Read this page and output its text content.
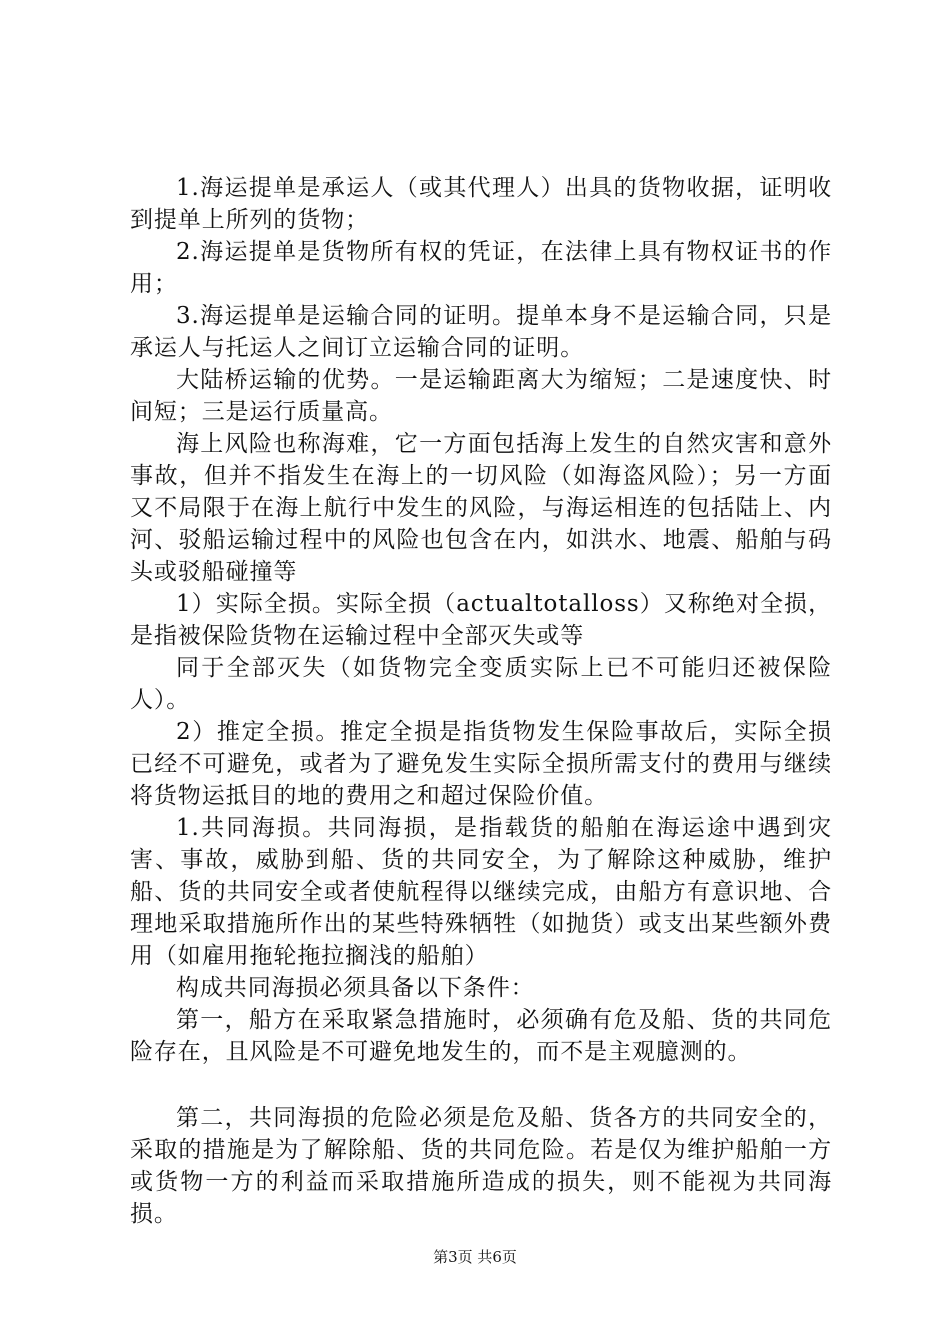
1.海运提单是承运人（或其代理人）出具的货物收据，证明收到提单上所列的货物；

2.海运提单是货物所有权的凭证，在法律上具有物权证书的作用；

3.海运提单是运输合同的证明。提单本身不是运输合同，只是承运人与托运人之间订立运输合同的证明。

大陆桥运输的优势。一是运输距离大为缩短；二是速度快、时间短；三是运行质量高。

海上风险也称海难，它一方面包括海上发生的自然灾害和意外事故，但并不指发生在海上的一切风险（如海盗风险）；另一方面又不局限于在海上航行中发生的风险，与海运相连的包括陆上、内河、驳船运输过程中的风险也包含在内，如洪水、地震、船舶与码头或驳船碰撞等

1）实际全损。实际全损（actualtotalloss）又称绝对全损，是指被保险货物在运输过程中全部灭失或等

同于全部灭失（如货物完全变质实际上已不可能归还被保险人）。

2）推定全损。推定全损是指货物发生保险事故后，实际全损已经不可避免，或者为了避免发生实际全损所需支付的费用与继续将货物运抵目的地的费用之和超过保险价值。

1.共同海损。共同海损，是指载货的船舶在海运途中遇到灾害、事故，威胁到船、货的共同安全，为了解除这种威胁，维护船、货的共同安全或者使航程得以继续完成，由船方有意识地、合理地采取措施所作出的某些特殊牺牲（如抛货）或支出某些额外费用（如雇用拖轮拖拉搁浅的船舶）

构成共同海损必须具备以下条件：

第一，船方在采取紧急措施时，必须确有危及船、货的共同危险存在，且风险是不可避免地发生的，而不是主观臆测的。

第二，共同海损的危险必须是危及船、货各方的共同安全的，采取的措施是为了解除船、货的共同危险。若是仅为维护船舶一方或货物一方的利益而采取措施所造成的损失，则不能视为共同海损。

第3页 共6页
